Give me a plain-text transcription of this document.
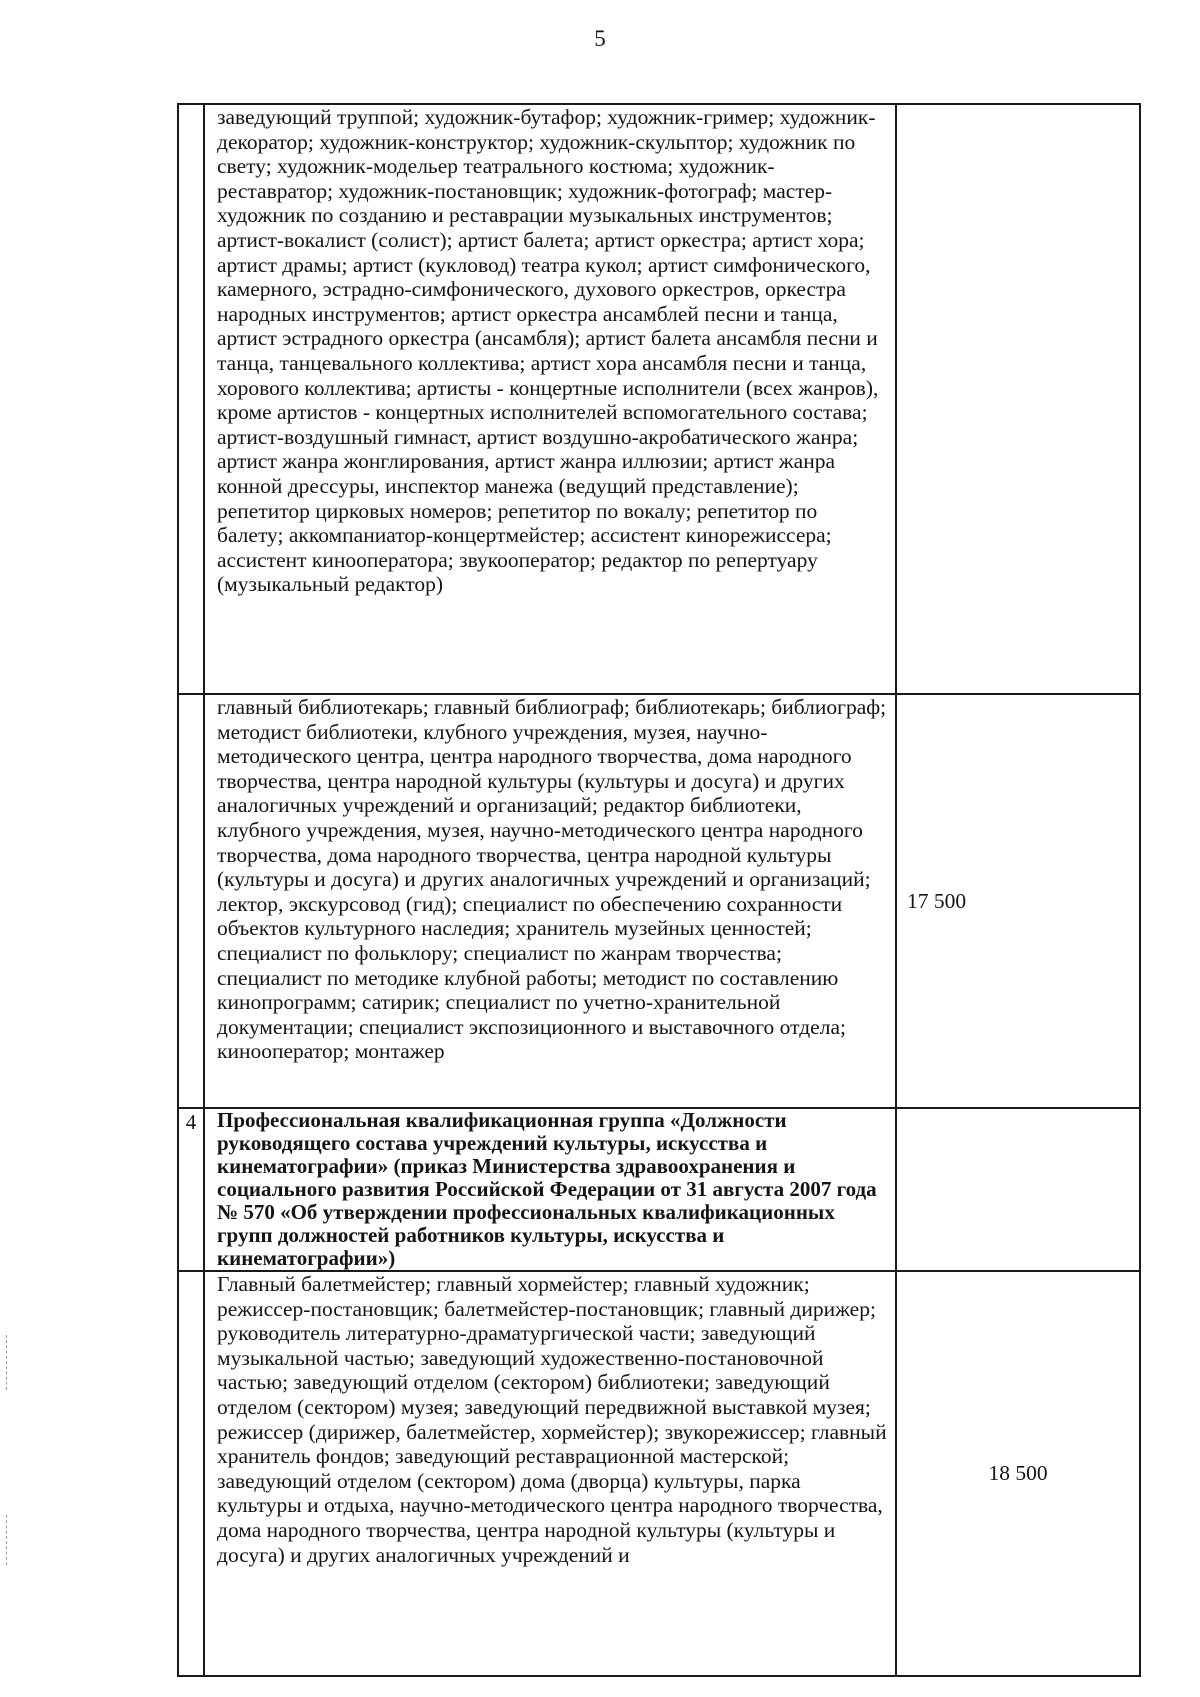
5
	заведующий труппой; художник-бутафор; художник-гример; художник-декоратор; художник-конструктор; художник-скульптор; художник по свету; художник-модельер театрального костюма; художник-реставратор; художник-постановщик; художник-фотограф; мастер-художник по созданию и реставрации музыкальных инструментов; артист-вокалист (солист); артист балета; артист оркестра; артист хора; артист драмы; артист (кукловод) театра кукол; артист симфонического, камерного, эстрадно-симфонического, духового оркестров, оркестра народных инструментов; артист оркестра ансамблей песни и танца, артист эстрадного оркестра (ансамбля); артист балета ансамбля песни и танца, танцевального коллектива; артист хора ансамбля песни и танца, хорового коллектива; артисты - концертные исполнители (всех жанров), кроме артистов - концертных исполнителей вспомогательного состава; артист-воздушный гимнаст, артист воздушно-акробатического жанра; артист жанра жонглирования, артист жанра иллюзии; артист жанра конной дрессуры, инспектор манежа (ведущий представление); репетитор цирковых номеров; репетитор по вокалу; репетитор по балету; аккомпаниатор-концертмейстер; ассистент кинорежиссера; ассистент кинооператора; звукооператор; редактор по репертуару (музыкальный редактор)	
	главный библиотекарь; главный библиограф; библиотекарь; библиограф; методист библиотеки, клубного учреждения, музея, научно-методического центра, центра народного творчества, дома народного творчества, центра народной культуры (культуры и досуга) и других аналогичных учреждений и организаций; редактор библиотеки, клубного учреждения, музея, научно-методического центра народного творчества, дома народного творчества, центра народной культуры (культуры и досуга) и других аналогичных учреждений и организаций; лектор, экскурсовод (гид); специалист по обеспечению сохранности объектов культурного наследия; хранитель музейных ценностей; специалист по фольклору; специалист по жанрам творчества; специалист по методике клубной работы; методист по составлению кинопрограмм; сатирик; специалист по учетно-хранительной документации; специалист экспозиционного и выставочного отдела; кинооператор; монтажер	17 500
4	Профессиональная квалификационная группа «Должности руководящего состава учреждений культуры, искусства и кинематографии» (приказ Министерства здравоохранения и социального развития Российской Федерации от 31 августа 2007 года № 570 «Об утверждении профессиональных квалификационных групп должностей работников культуры, искусства и кинематографии»)	
	Главный балетмейстер; главный хормейстер; главный художник; режиссер-постановщик; балетмейстер-постановщик; главный дирижер; руководитель литературно-драматургической части; заведующий музыкальной частью; заведующий художественно-постановочной частью; заведующий отделом (сектором) библиотеки; заведующий отделом (сектором) музея; заведующий передвижной выставкой музея; режиссер (дирижер, балетмейстер, хормейстер); звукорежиссер; главный хранитель фондов; заведующий реставрационной мастерской; заведующий отделом (сектором) дома (дворца) культуры, парка культуры и отдыха, научно-методического центра народного творчества, дома народного творчества, центра народной культуры (культуры и досуга) и других аналогичных учреждений и	18 500
